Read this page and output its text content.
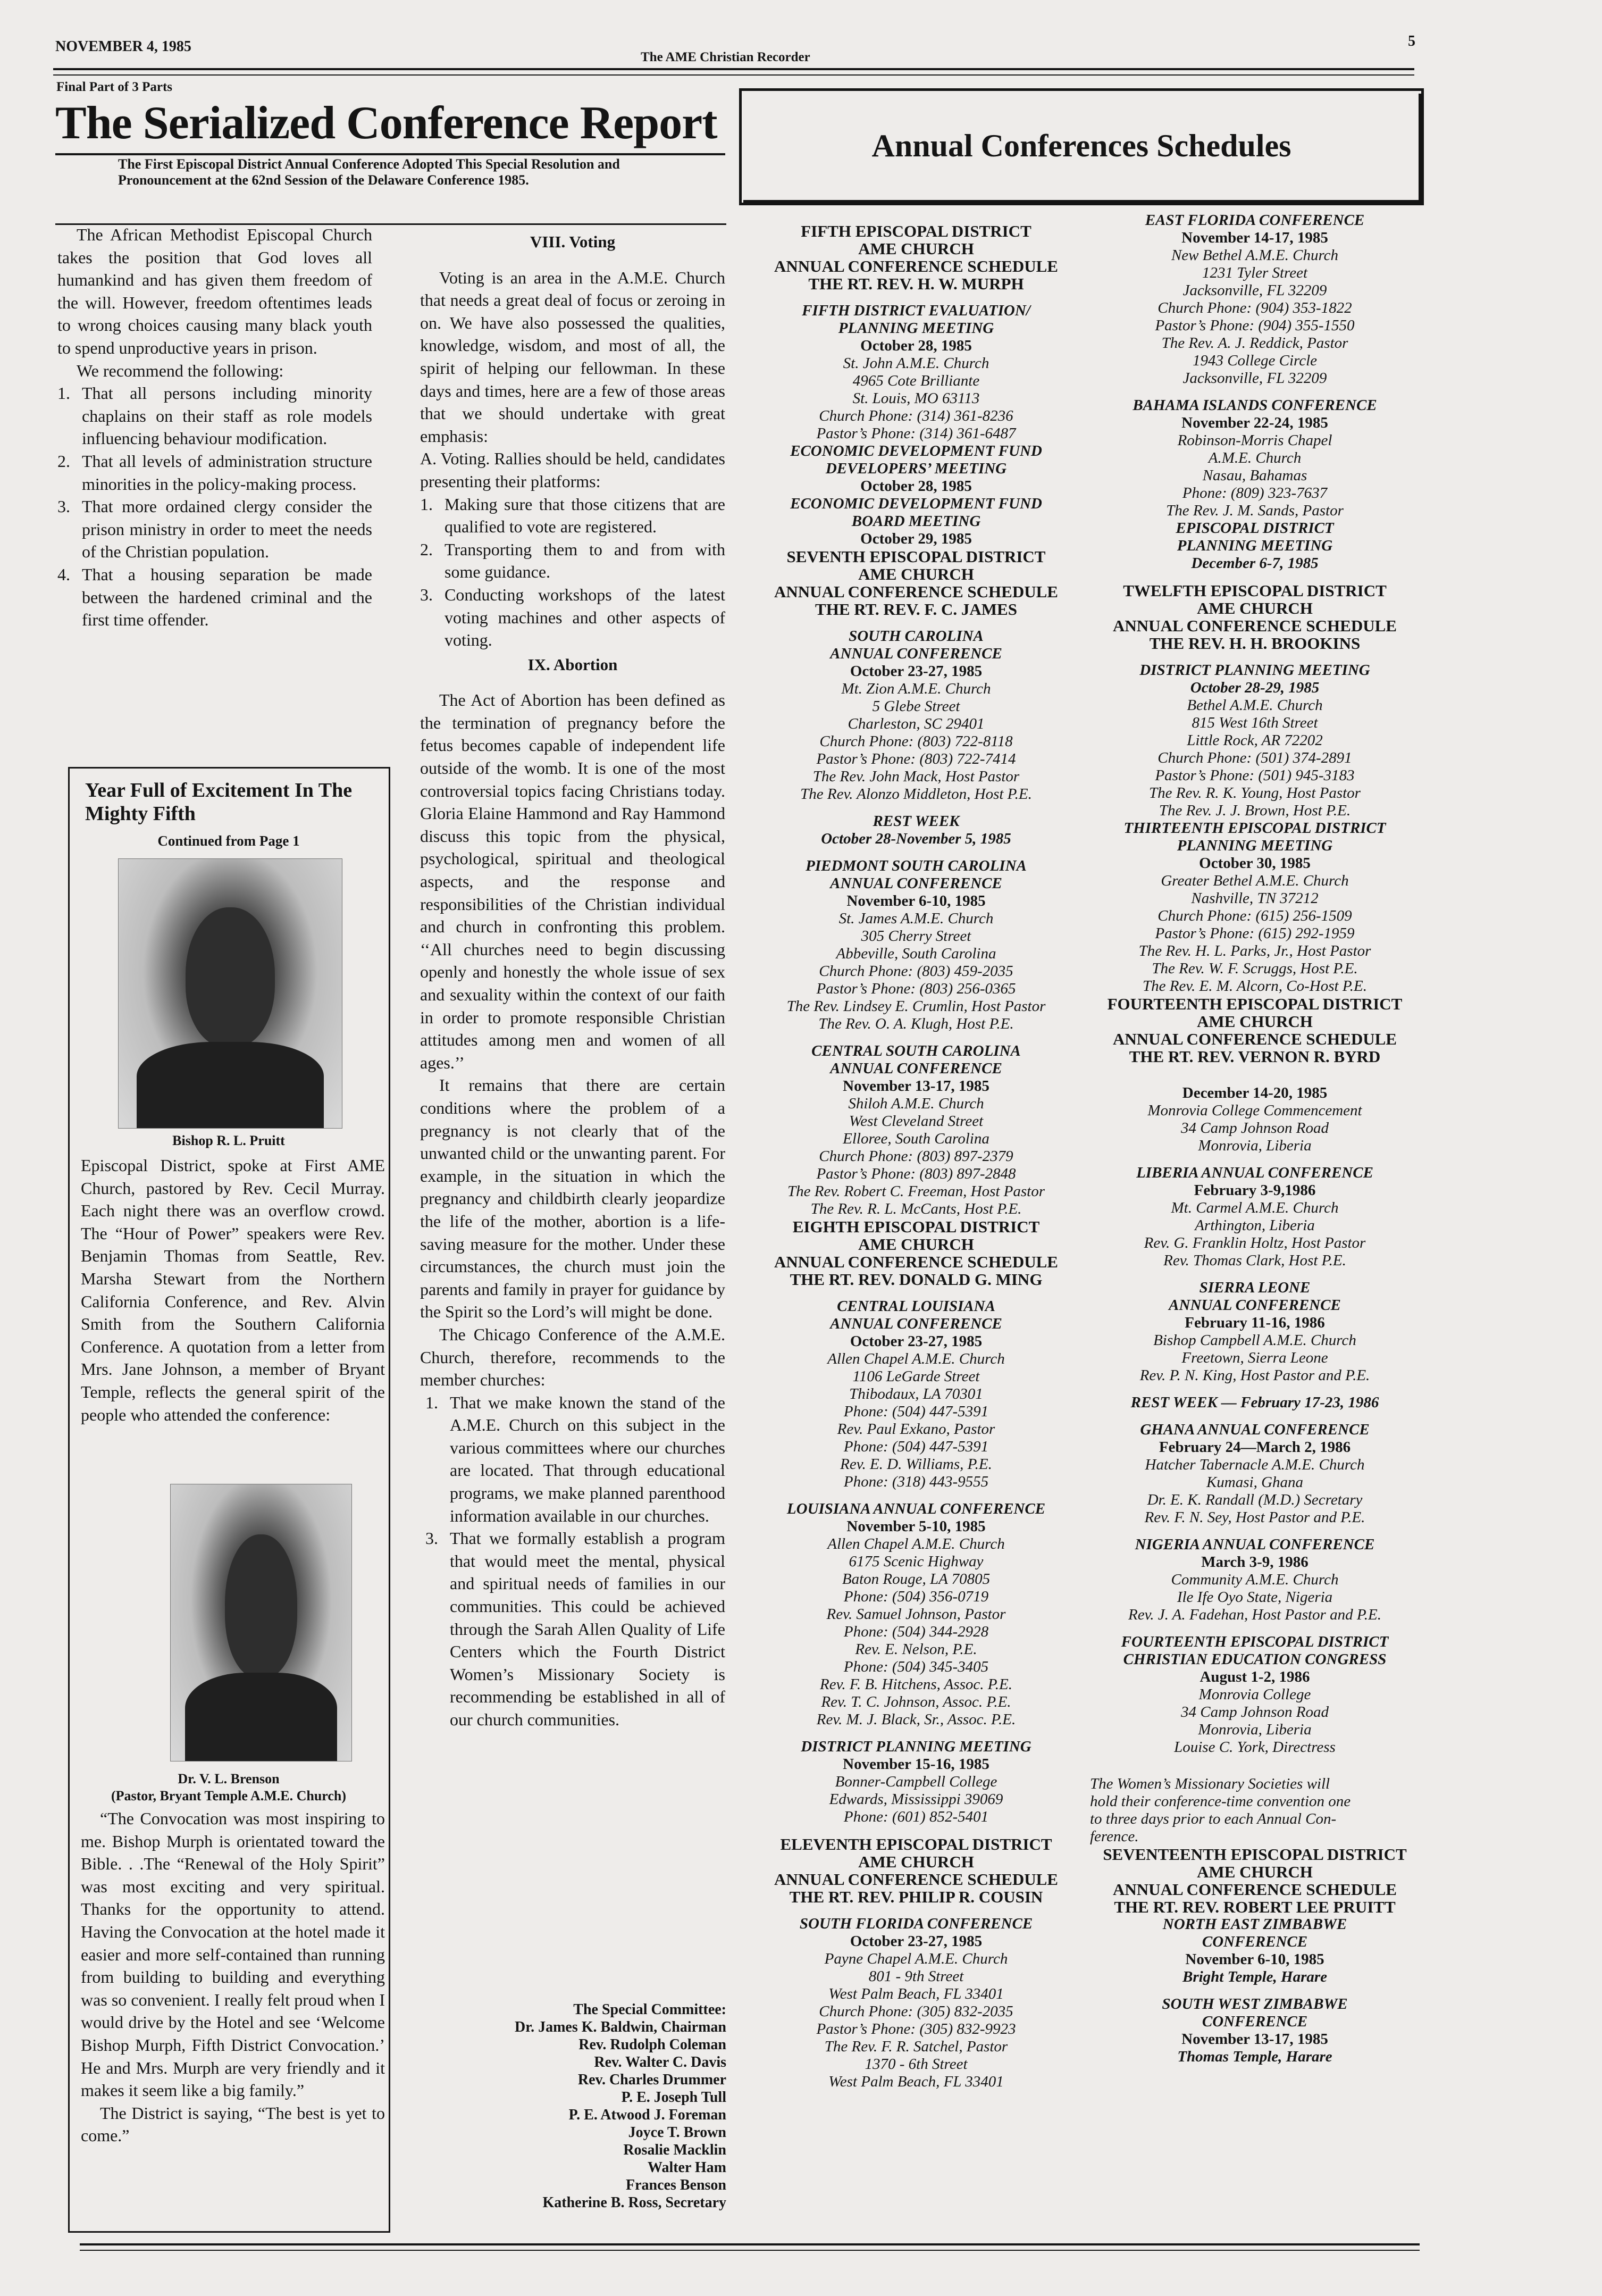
NOVEMBER 4, 1985
The AME Christian Recorder
5
Final Part of 3 Parts
The Serialized Conference Report
The First Episcopal District Annual Conference Adopted This Special Resolution and Pronouncement at the 62nd Session of the Delaware Conference 1985.

The African Methodist Episcopal Church takes the position that God loves all humankind and has given them freedom of the will. However, freedom oftentimes leads to wrong choices causing many black youth to spend unproductive years in prison.

We recommend the following:

1. That all persons including minority chaplains on their staff as role models influencing behaviour modification.
2. That all levels of administration structure minorities in the policy-making process.
3. That more ordained clergy consider the prison ministry in order to meet the needs of the Christian population.
4. That a housing separation be made between the hardened criminal and the first time offender.
Year Full of Excitement In The Mighty Fifth
Continued from Page 1
Bishop R. L. Pruitt

Episcopal District, spoke at First AME Church, pastored by Rev. Cecil Murray. Each night there was an overflow crowd. The “Hour of Power” speakers were Rev. Benjamin Thomas from Seattle, Rev. Marsha Stewart from the Northern California Conference, and Rev. Alvin Smith from the Southern California Conference. A quotation from a letter from Mrs. Jane Johnson, a member of Bryant Temple, reflects the general spirit of the people who attended the conference:

Dr. V. L. Brenson
(Pastor, Bryant Temple A.M.E. Church)

“The Convocation was most inspiring to me. Bishop Murph is orientated toward the Bible. . .The “Renewal of the Holy Spirit” was most exciting and very spiritual. Thanks for the opportunity to attend. Having the Convocation at the hotel made it easier and more self-contained than running from building to building and everything was so convenient. I really felt proud when I would drive by the Hotel and see ‘Welcome Bishop Murph, Fifth District Convocation.’ He and Mrs. Murph are very friendly and it makes it seem like a big family.”

The District is saying, “The best is yet to come.”

VIII. Voting

Voting is an area in the A.M.E. Church that needs a great deal of focus or zeroing in on. We have also possessed the qualities, knowledge, wisdom, and most of all, the spirit of helping our fellowman. In these days and times, here are a few of those areas that we should undertake with great emphasis:

A. Voting. Rallies should be held, candidates presenting their platforms:

1. Making sure that those citizens that are qualified to vote are registered.
2. Transporting them to and from with some guidance.
3. Conducting workshops of the latest voting machines and other aspects of voting.
IX. Abortion

The Act of Abortion has been defined as the termination of pregnancy before the fetus becomes capable of independent life outside of the womb. It is one of the most controversial topics facing Christians today. Gloria Elaine Hammond and Ray Hammond discuss this topic from the physical, psychological, spiritual and theological aspects, and the response and responsibilities of the Christian individual and church in confronting this problem. ‘‘All churches need to begin discussing openly and honestly the whole issue of sex and sexuality within the context of our faith in order to promote responsible Christian attitudes among men and women of all ages.’’

It remains that there are certain conditions where the problem of a pregnancy is not clearly that of the unwanted child or the unwanting parent. For example, in the situation in which the pregnancy and childbirth clearly jeopardize the life of the mother, abortion is a life-saving measure for the mother. Under these circumstances, the church must join the parents and family in prayer for guidance by the Spirit so the Lord’s will might be done.

The Chicago Conference of the A.M.E. Church, therefore, recommends to the member churches:

1. That we make known the stand of the A.M.E. Church on this subject in the various committees where our churches are located. That through educational programs, we make planned parenthood information available in our churches.
3. That we formally establish a program that would meet the mental, physical and spiritual needs of families in our communities. This could be achieved through the Sarah Allen Quality of Life Centers which the Fourth District Women’s Missionary Society is recommending be established in all of our church communities.
The Special Committee:
Dr. James K. Baldwin, Chairman
Rev. Rudolph Coleman
Rev. Walter C. Davis
Rev. Charles Drummer
P. E. Joseph Tull
P. E. Atwood J. Foreman
Joyce T. Brown
Rosalie Macklin
Walter Ham
Frances Benson
Katherine B. Ross, Secretary
Annual Conferences Schedules
FIFTH EPISCOPAL DISTRICT
AME CHURCH
ANNUAL CONFERENCE SCHEDULE
THE RT. REV. H. W. MURPH
FIFTH DISTRICT EVALUATION/
PLANNING MEETING
October 28, 1985
St. John A.M.E. Church
4965 Cote Brilliante
St. Louis, MO 63113
Church Phone: (314) 361-8236
Pastor’s Phone: (314) 361-6487
ECONOMIC DEVELOPMENT FUND
DEVELOPERS’ MEETING
October 28, 1985
ECONOMIC DEVELOPMENT FUND
BOARD MEETING
October 29, 1985
SEVENTH EPISCOPAL DISTRICT
AME CHURCH
ANNUAL CONFERENCE SCHEDULE
THE RT. REV. F. C. JAMES
SOUTH CAROLINA
ANNUAL CONFERENCE
October 23-27, 1985
Mt. Zion A.M.E. Church
5 Glebe Street
Charleston, SC 29401
Church Phone: (803) 722-8118
Pastor’s Phone: (803) 722-7414
The Rev. John Mack, Host Pastor
The Rev. Alonzo Middleton, Host P.E.
REST WEEK
October 28-November 5, 1985
PIEDMONT SOUTH CAROLINA
ANNUAL CONFERENCE
November 6-10, 1985
St. James A.M.E. Church
305 Cherry Street
Abbeville, South Carolina
Church Phone: (803) 459-2035
Pastor’s Phone: (803) 256-0365
The Rev. Lindsey E. Crumlin, Host Pastor
The Rev. O. A. Klugh, Host P.E.
CENTRAL SOUTH CAROLINA
ANNUAL CONFERENCE
November 13-17, 1985
Shiloh A.M.E. Church
West Cleveland Street
Elloree, South Carolina
Church Phone: (803) 897-2379
Pastor’s Phone: (803) 897-2848
The Rev. Robert C. Freeman, Host Pastor
The Rev. R. L. McCants, Host P.E.
EIGHTH EPISCOPAL DISTRICT
AME CHURCH
ANNUAL CONFERENCE SCHEDULE
THE RT. REV. DONALD G. MING
CENTRAL LOUISIANA
ANNUAL CONFERENCE
October 23-27, 1985
Allen Chapel A.M.E. Church
1106 LeGarde Street
Thibodaux, LA 70301
Phone: (504) 447-5391
Rev. Paul Exkano, Pastor
Phone: (504) 447-5391
Rev. E. D. Williams, P.E.
Phone: (318) 443-9555
LOUISIANA ANNUAL CONFERENCE
November 5-10, 1985
Allen Chapel A.M.E. Church
6175 Scenic Highway
Baton Rouge, LA 70805
Phone: (504) 356-0719
Rev. Samuel Johnson, Pastor
Phone: (504) 344-2928
Rev. E. Nelson, P.E.
Phone: (504) 345-3405
Rev. F. B. Hitchens, Assoc. P.E.
Rev. T. C. Johnson, Assoc. P.E.
Rev. M. J. Black, Sr., Assoc. P.E.
DISTRICT PLANNING MEETING
November 15-16, 1985
Bonner-Campbell College
Edwards, Mississippi 39069
Phone: (601) 852-5401
ELEVENTH EPISCOPAL DISTRICT
AME CHURCH
ANNUAL CONFERENCE SCHEDULE
THE RT. REV. PHILIP R. COUSIN
SOUTH FLORIDA CONFERENCE
October 23-27, 1985
Payne Chapel A.M.E. Church
801 - 9th Street
West Palm Beach, FL 33401
Church Phone: (305) 832-2035
Pastor’s Phone: (305) 832-9923
The Rev. F. R. Satchel, Pastor
1370 - 6th Street
West Palm Beach, FL 33401
EAST FLORIDA CONFERENCE
November 14-17, 1985
New Bethel A.M.E. Church
1231 Tyler Street
Jacksonville, FL 32209
Church Phone: (904) 353-1822
Pastor’s Phone: (904) 355-1550
The Rev. A. J. Reddick, Pastor
1943 College Circle
Jacksonville, FL 32209
BAHAMA ISLANDS CONFERENCE
November 22-24, 1985
Robinson-Morris Chapel
A.M.E. Church
Nasau, Bahamas
Phone: (809) 323-7637
The Rev. J. M. Sands, Pastor
EPISCOPAL DISTRICT
PLANNING MEETING
December 6-7, 1985
TWELFTH EPISCOPAL DISTRICT
AME CHURCH
ANNUAL CONFERENCE SCHEDULE
THE REV. H. H. BROOKINS
DISTRICT PLANNING MEETING
October 28-29, 1985
Bethel A.M.E. Church
815 West 16th Street
Little Rock, AR 72202
Church Phone: (501) 374-2891
Pastor’s Phone: (501) 945-3183
The Rev. R. K. Young, Host Pastor
The Rev. J. J. Brown, Host P.E.
THIRTEENTH EPISCOPAL DISTRICT
PLANNING MEETING
October 30, 1985
Greater Bethel A.M.E. Church
Nashville, TN 37212
Church Phone: (615) 256-1509
Pastor’s Phone: (615) 292-1959
The Rev. H. L. Parks, Jr., Host Pastor
The Rev. W. F. Scruggs, Host P.E.
The Rev. E. M. Alcorn, Co-Host P.E.
FOURTEENTH EPISCOPAL DISTRICT
AME CHURCH
ANNUAL CONFERENCE SCHEDULE
THE RT. REV. VERNON R. BYRD
December 14-20, 1985
Monrovia College Commencement
34 Camp Johnson Road
Monrovia, Liberia
LIBERIA ANNUAL CONFERENCE
February 3-9,1986
Mt. Carmel A.M.E. Church
Arthington, Liberia
Rev. G. Franklin Holtz, Host Pastor
Rev. Thomas Clark, Host P.E.
SIERRA LEONE
ANNUAL CONFERENCE
February 11-16, 1986
Bishop Campbell A.M.E. Church
Freetown, Sierra Leone
Rev. P. N. King, Host Pastor and P.E.
REST WEEK — February 17-23, 1986
GHANA ANNUAL CONFERENCE
February 24—March 2, 1986
Hatcher Tabernacle A.M.E. Church
Kumasi, Ghana
Dr. E. K. Randall (M.D.) Secretary
Rev. F. N. Sey, Host Pastor and P.E.
NIGERIA ANNUAL CONFERENCE
March 3-9, 1986
Community A.M.E. Church
Ile Ife Oyo State, Nigeria
Rev. J. A. Fadehan, Host Pastor and P.E.
FOURTEENTH EPISCOPAL DISTRICT
CHRISTIAN EDUCATION CONGRESS
August 1-2, 1986
Monrovia College
34 Camp Johnson Road
Monrovia, Liberia
Louise C. York, Directress
The Women’s Missionary Societies will
hold their conference-time convention one
to three days prior to each Annual Con-
ference.
SEVENTEENTH EPISCOPAL DISTRICT
AME CHURCH
ANNUAL CONFERENCE SCHEDULE
THE RT. REV. ROBERT LEE PRUITT
NORTH EAST ZIMBABWE
CONFERENCE
November 6-10, 1985
Bright Temple, Harare
SOUTH WEST ZIMBABWE
CONFERENCE
November 13-17, 1985
Thomas Temple, Harare
